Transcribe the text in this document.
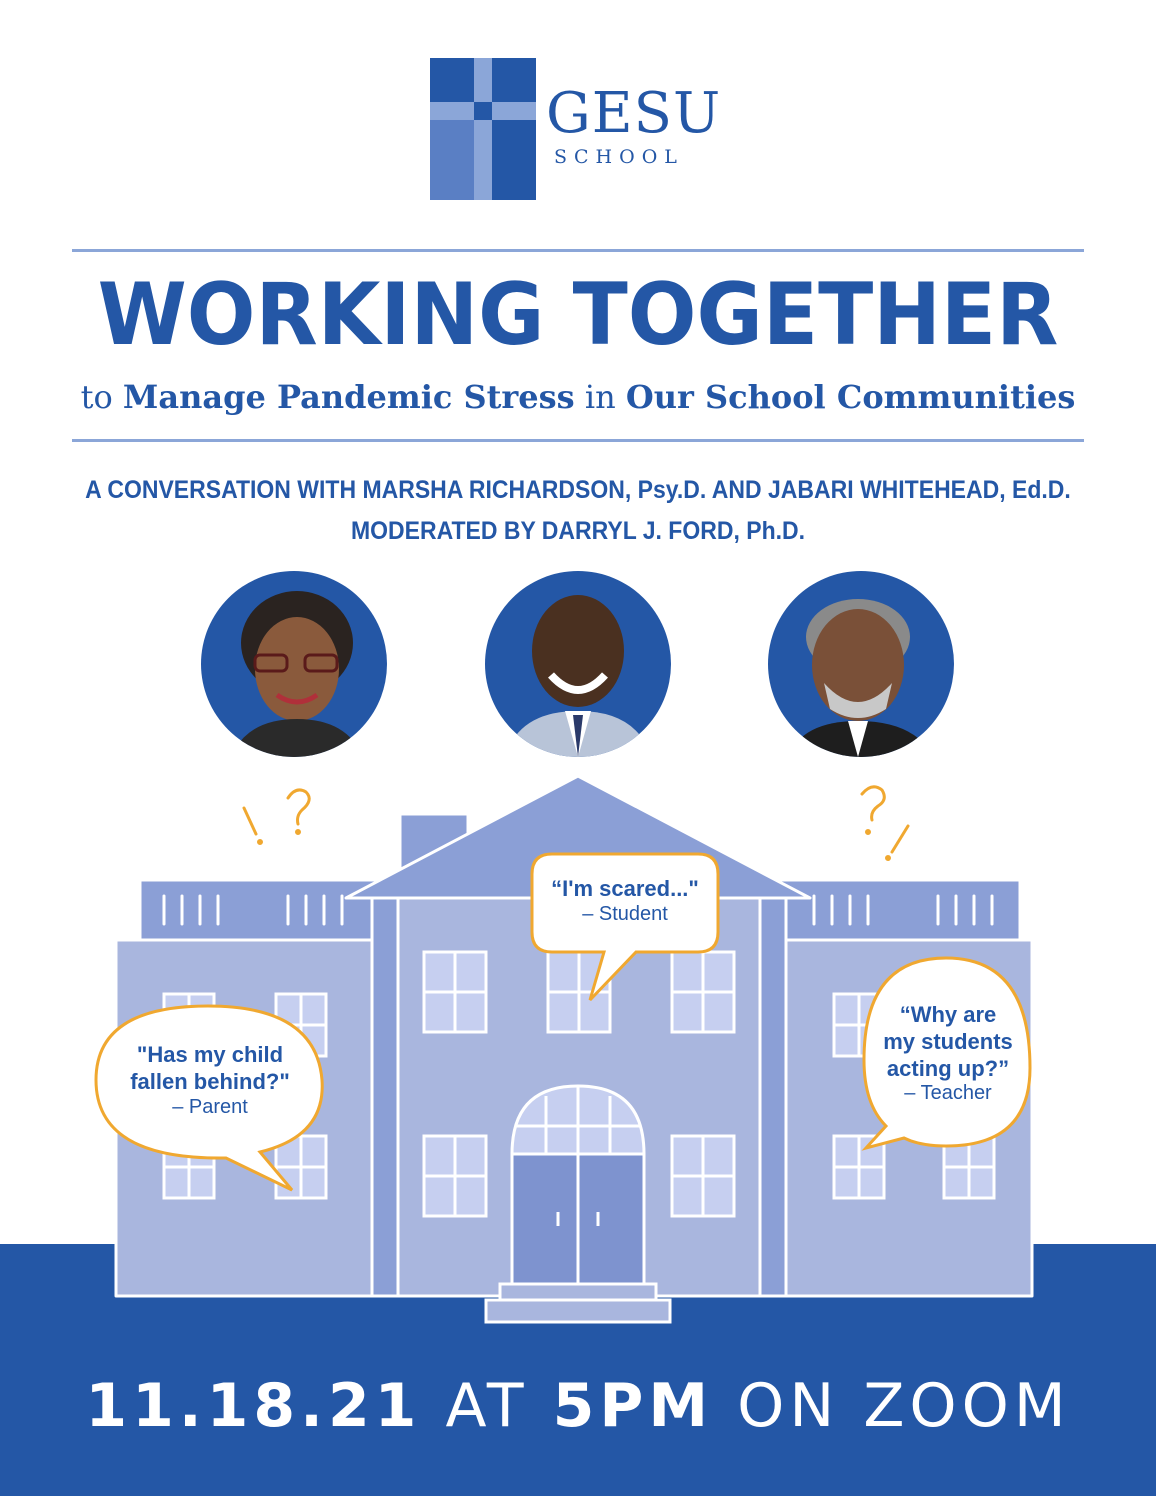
GESU
SCHOOL
WORKING TOGETHER
to Manage Pandemic Stress in Our School Communities
A CONVERSATION WITH MARSHA RICHARDSON, Psy.D. AND JABARI WHITEHEAD, Ed.D.
MODERATED BY DARRYL J. FORD, Ph.D.
“I'm scared..."
– Student
"Has my child
fallen behind?"
– Parent
“Why are
my students
acting up?”
– Teacher
11.18.21 AT 5PM ON ZOOM
